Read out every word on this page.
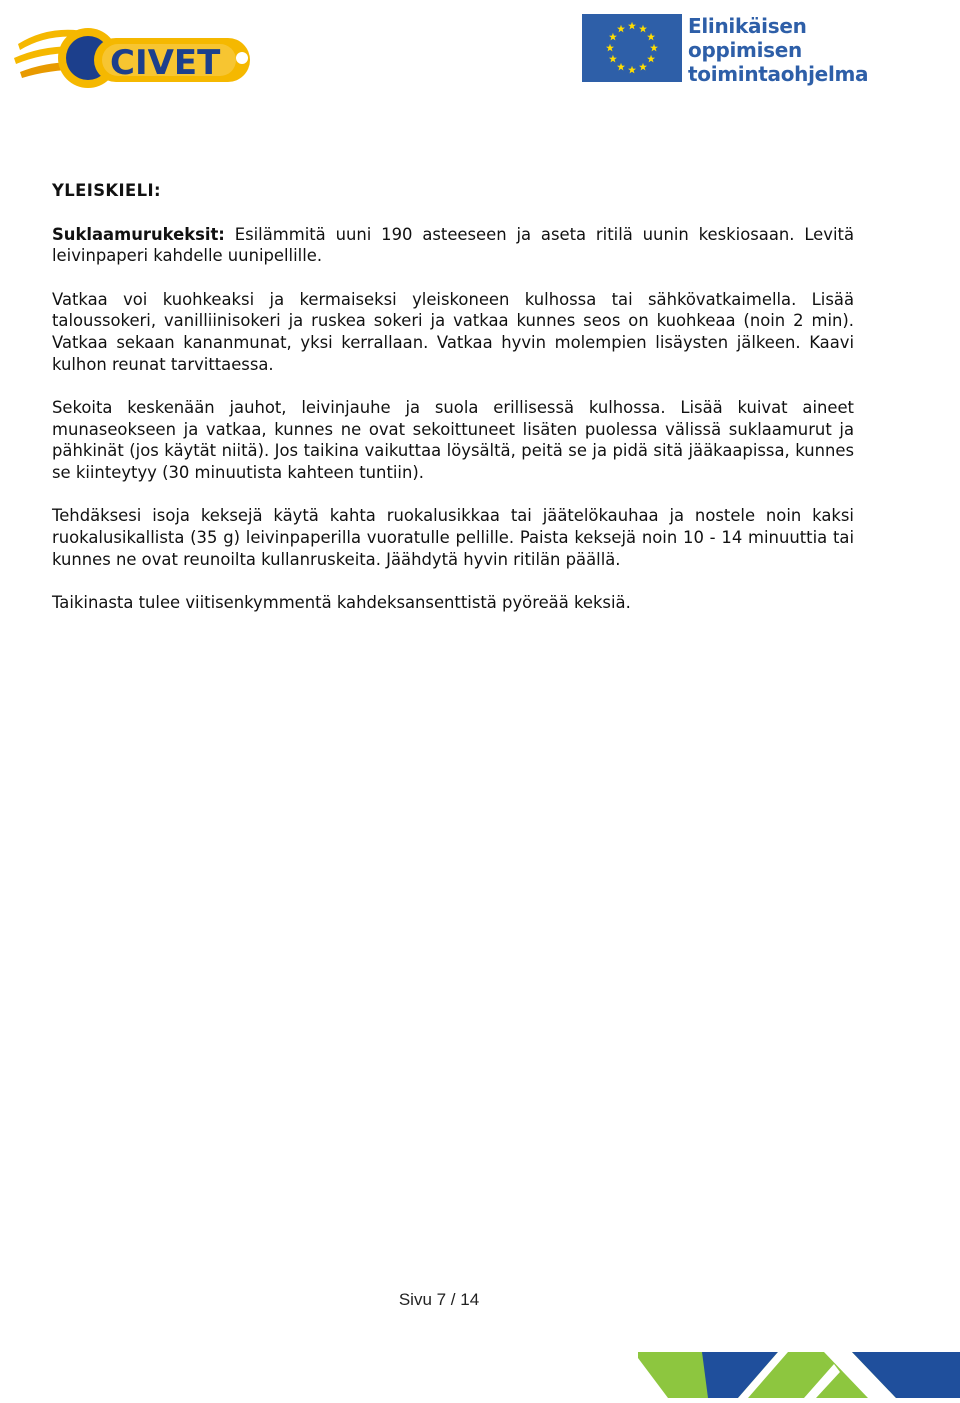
CIVET
Elinikäisen
oppimisen
toimintaohjelma
YLEISKIELI:

Suklaamurukeksit: Esilämmitä uuni 190 asteeseen ja aseta ritilä uunin keskiosaan. Levitä leivinpaperi kahdelle uunipellille.

Vatkaa voi kuohkeaksi ja kermaiseksi yleiskoneen kulhossa tai sähkövatkaimella. Lisää taloussokeri, vanilliinisokeri ja ruskea sokeri ja vatkaa kunnes seos on kuohkeaa (noin 2 min). Vatkaa sekaan kananmunat, yksi kerrallaan. Vatkaa hyvin molempien lisäysten jälkeen. Kaavi kulhon reunat tarvittaessa.

Sekoita keskenään jauhot, leivinjauhe ja suola erillisessä kulhossa. Lisää kuivat aineet munaseokseen ja vatkaa, kunnes ne ovat sekoittuneet lisäten puolessa välissä suklaamurut ja pähkinät (jos käytät niitä). Jos taikina vaikuttaa löysältä, peitä se ja pidä sitä jääkaapissa, kunnes se kiinteytyy (30 minuutista kahteen tuntiin).

Tehdäksesi isoja keksejä käytä kahta ruokalusikkaa tai jäätelökauhaa ja nostele noin kaksi ruokalusikallista (35 g) leivinpaperilla vuoratulle pellille. Paista keksejä noin 10 - 14 minuuttia tai kunnes ne ovat reunoilta kullanruskeita. Jäähdytä hyvin ritilän päällä.

Taikinasta tulee viitisenkymmentä kahdeksansenttistä pyöreää keksiä.

Sivu 7 / 14
